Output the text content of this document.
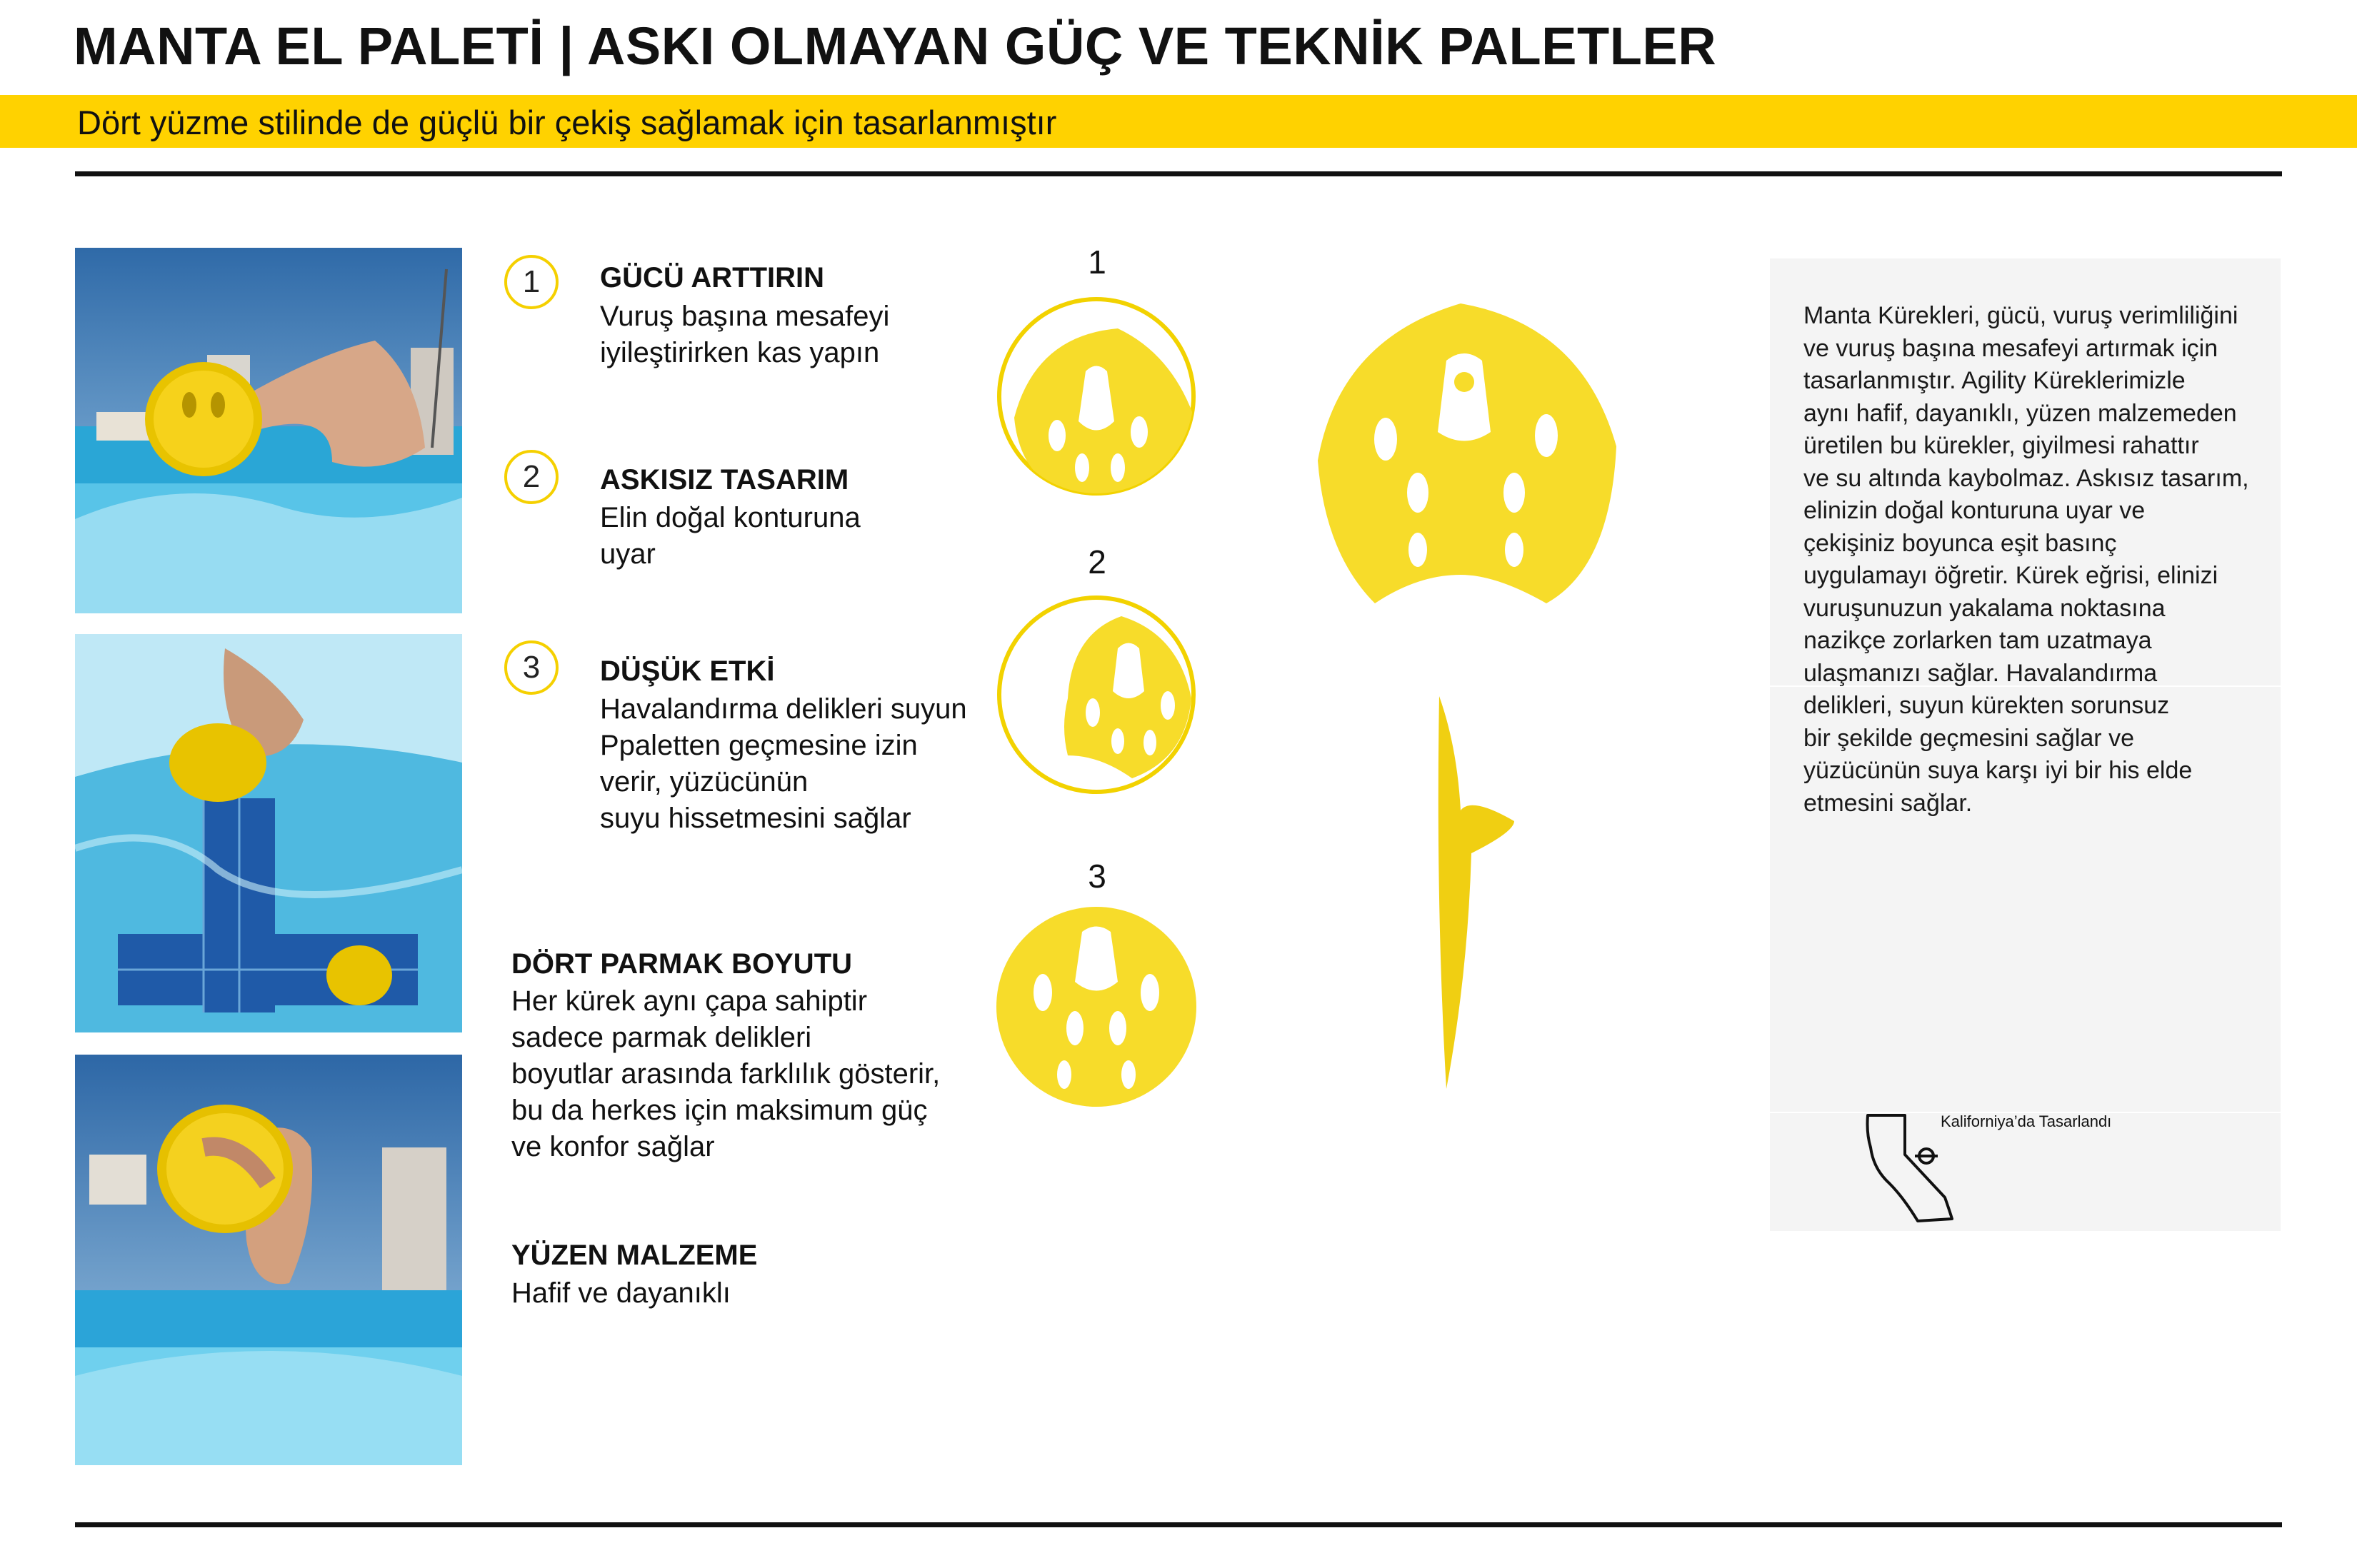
MANTA EL PALETİ | ASKI OLMAYAN GÜÇ VE TEKNİK PALETLER
Dört yüzme stilinde de güçlü bir çekiş sağlamak için tasarlanmıştır
1 GÜCÜ ARTTIRIN
Vuruş başına mesafeyi
iyileştirirken kas yapın
2 ASKISIZ TASARIM
Elin doğal konturuna
uyar
3 DÜŞÜK ETKİ
Havalandırma delikleri suyun
Ppaletten geçmesine izin
verir, yüzücünün
suyu hissetmesini sağlar
DÖRT PARMAK BOYUTU
Her kürek aynı çapa sahiptir
sadece parmak delikleri
boyutlar arasında farklılık gösterir,
bu da herkes için maksimum güç
ve konfor sağlar
YÜZEN MALZEME
Hafif ve dayanıklı
1
2
3
Manta Kürekleri, gücü, vuruş verimliliğini
ve vuruş başına mesafeyi artırmak için
tasarlanmıştır. Agility Küreklerimizle
aynı hafif, dayanıklı, yüzen malzemeden
üretilen bu kürekler, giyilmesi rahattır
ve su altında kaybolmaz. Askısız tasarım,
elinizin doğal konturuna uyar ve
çekişiniz boyunca eşit basınç
uygulamayı öğretir. Kürek eğrisi, elinizi
vuruşunuzun yakalama noktasına
nazikçe zorlarken tam uzatmaya
ulaşmanızı sağlar. Havalandırma
delikleri, suyun kürekten sorunsuz
bir şekilde geçmesini sağlar ve
yüzücünün suya karşı iyi bir his elde
etmesini sağlar.
Kaliforniya’da Tasarlandı
